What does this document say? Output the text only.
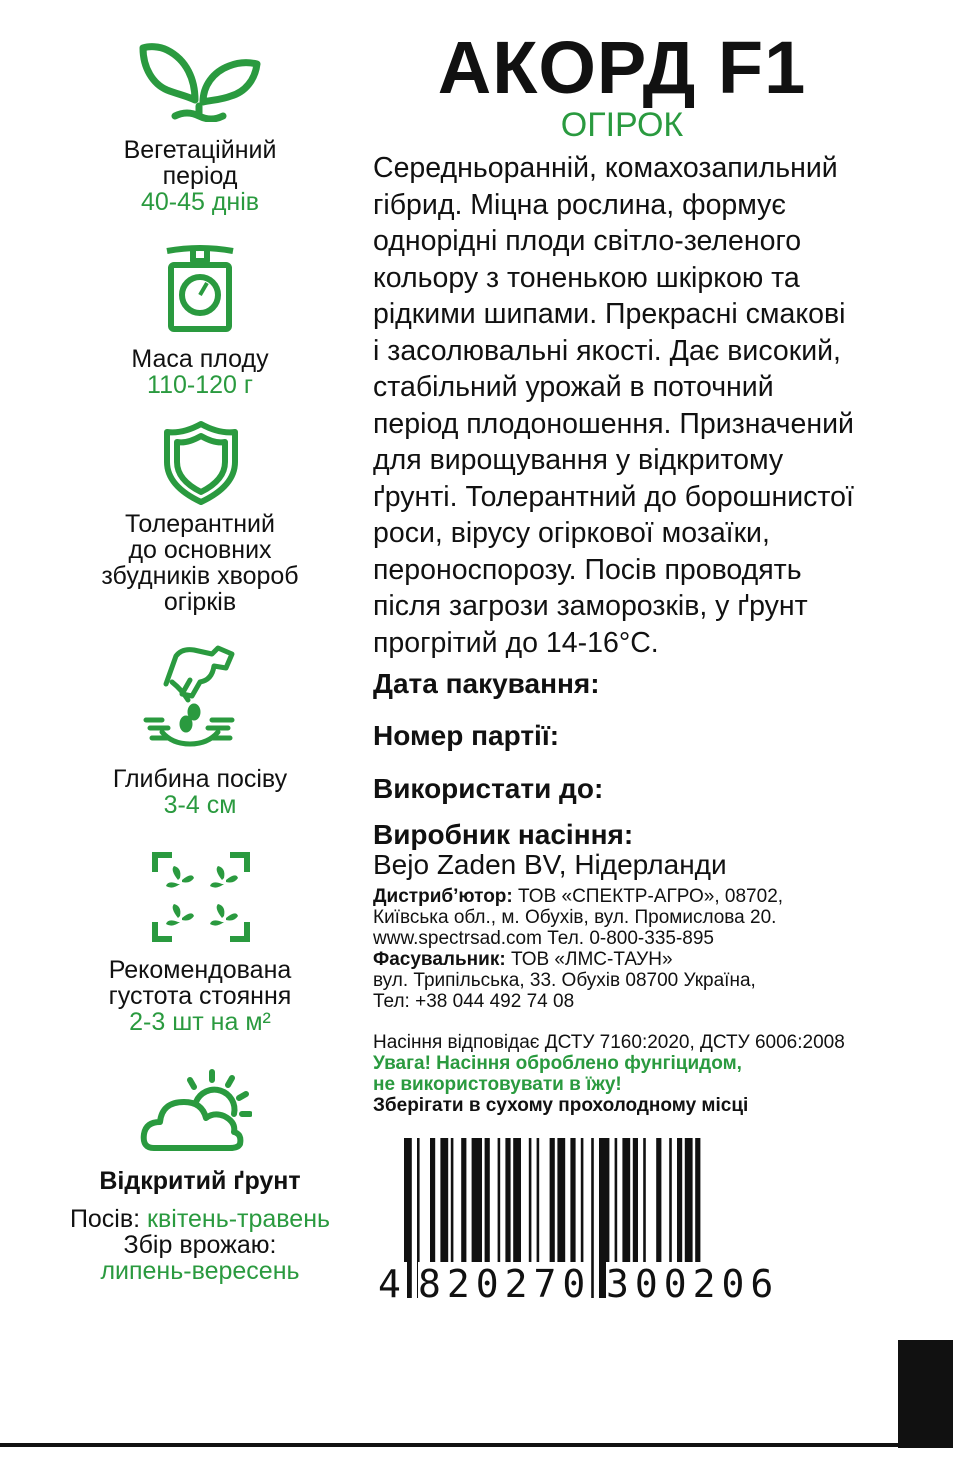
Вегетаційний
період
40-45 днів
Маса плоду
110-120 г
Толерантний
до основних
збудників хвороб
огірків
Глибина посіву
3-4 см
Рекомендована
густота стояння
2-3 шт на м²
Відкритий ґрунт
Посів: квітень-травень
Збір врожаю:
липень-вересень
АКОРД F1
ОГІРОК
Середньоранній, комахозапильний
гібрид. Міцна рослина, формує
однорідні плоди світло-зеленого
кольору з тоненькою шкіркою та
рідкими шипами. Прекрасні смакові
і засолювальні якості. Дає високий,
стабільний урожай в поточний
період плодоношення. Призначений
для вирощування у відкритому
ґрунті. Толерантний до борошнистої
роси, вірусу огіркової мозаїки,
пероноспорозу. Посів проводять
після загрози заморозків, у ґрунт
прогрітий до 14-16°С.
Дата пакування:
Номер партії:
Використати до:
Виробник насіння:
Bejo Zaden BV, Нідерланди
Дистриб’ютор: ТОВ «СПЕКТР-АГРО», 08702,
Київська обл., м. Обухів, вул. Промислова 20.
www.spectrsad.com Тел. 0-800-335-895
Фасувальник: ТОВ «ЛМС-ТАУН»
вул. Трипільська, 33. Обухів 08700 Україна,
Тел: +38 044 492 74 08
Насіння відповідає ДСТУ 7160:2020, ДСТУ 6006:2008
Увага! Насіння оброблено фунгіцидом,
не використовувати в їжу!
Зберігати в сухому прохолодному місці
4 820270 300206
